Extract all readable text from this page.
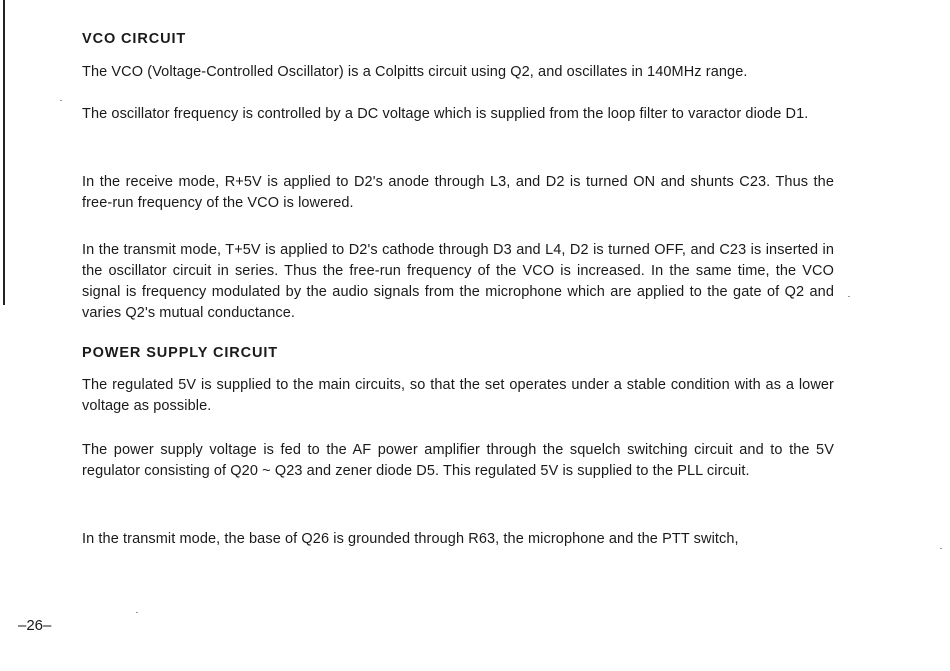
VCO CIRCUIT

The VCO (Voltage-Controlled Oscillator) is a Colpitts circuit using Q2, and oscillates in 140MHz range.

The oscillator frequency is controlled by a DC voltage which is supplied from the loop filter to varactor diode D1.

In the receive mode, R+5V is applied to D2's anode through L3, and D2 is turned ON and shunts C23. Thus the free-run frequency of the VCO is lowered.

In the transmit mode, T+5V is applied to D2's cathode through D3 and L4, D2 is turned OFF, and C23 is inserted in the oscillator circuit in series. Thus the free-run frequency of the VCO is increased. In the same time, the VCO signal is frequency modulated by the audio signals from the microphone which are applied to the gate of Q2 and varies Q2's mutual conductance.

POWER SUPPLY CIRCUIT

The regulated 5V is supplied to the main circuits, so that the set operates under a stable condition with as a lower voltage as possible.

The power supply voltage is fed to the AF power amplifier through the squelch switching circuit and to the 5V regulator consisting of Q20 ~ Q23 and zener diode D5. This regulated 5V is supplied to the PLL circuit.

In the transmit mode, the base of Q26 is grounded through R63, the microphone and the PTT switch,

–26–
